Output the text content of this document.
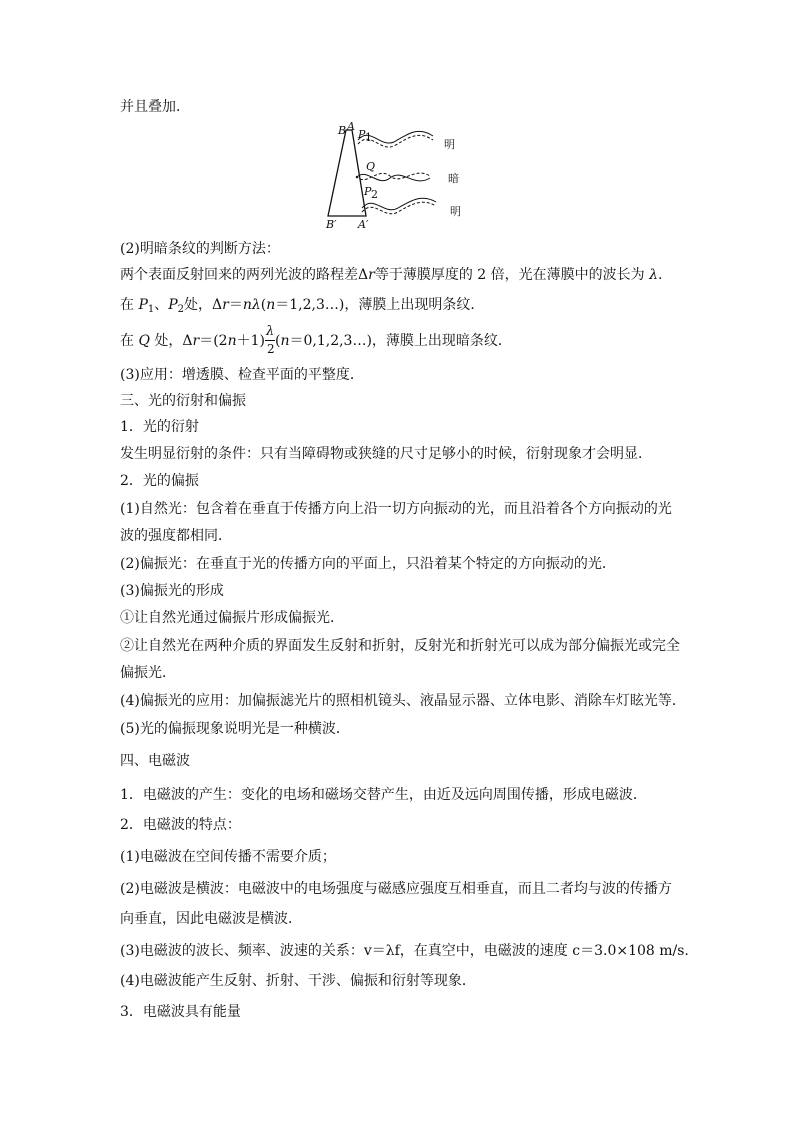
并且叠加．
B A
P 1
Q
P 2
B′ A′
明
暗
明
(2)明暗条纹的判断方法：
两个表面反射回来的两列光波的路程差Δr等于薄膜厚度的 2 倍，光在薄膜中的波长为 λ.
在 $P_1$、$P_2$处，Δr＝nλ(n＝1,2,3…)，薄膜上出现明条纹．
在 Q 处，$\Delta r=(2n+1) \frac{\lambda}{2}$ (n＝0,1,2,3…)，薄膜上出现暗条纹．
(3)应用：增透膜、检查平面的平整度．
三、光的衍射和偏振
1．光的衍射
发生明显衍射的条件：只有当障碍物或狭缝的尺寸足够小的时候，衍射现象才会明显．
2．光的偏振
(1)自然光：包含着在垂直于传播方向上沿一切方向振动的光，而且沿着各个方向振动的光
波的强度都相同．
(2)偏振光：在垂直于光的传播方向的平面上，只沿着某个特定的方向振动的光．
(3)偏振光的形成
①让自然光通过偏振片形成偏振光．
②让自然光在两种介质的界面发生反射和折射，反射光和折射光可以成为部分偏振光或完全
偏振光．
(4)偏振光的应用：加偏振滤光片的照相机镜头、液晶显示器、立体电影、消除车灯眩光等．
(5)光的偏振现象说明光是一种横波．
四、电磁波
1．电磁波的产生：变化的电场和磁场交替产生，由近及远向周围传播，形成电磁波．
2．电磁波的特点：
(1)电磁波在空间传播不需要介质；
(2)电磁波是横波：电磁波中的电场强度与磁感应强度互相垂直，而且二者均与波的传播方
向垂直，因此电磁波是横波．
(3)电磁波的波长、频率、波速的关系：v＝λf，在真空中，电磁波的速度 c＝3.0×108 m/s.
(4)电磁波能产生反射、折射、干涉、偏振和衍射等现象．
3．电磁波具有能量
